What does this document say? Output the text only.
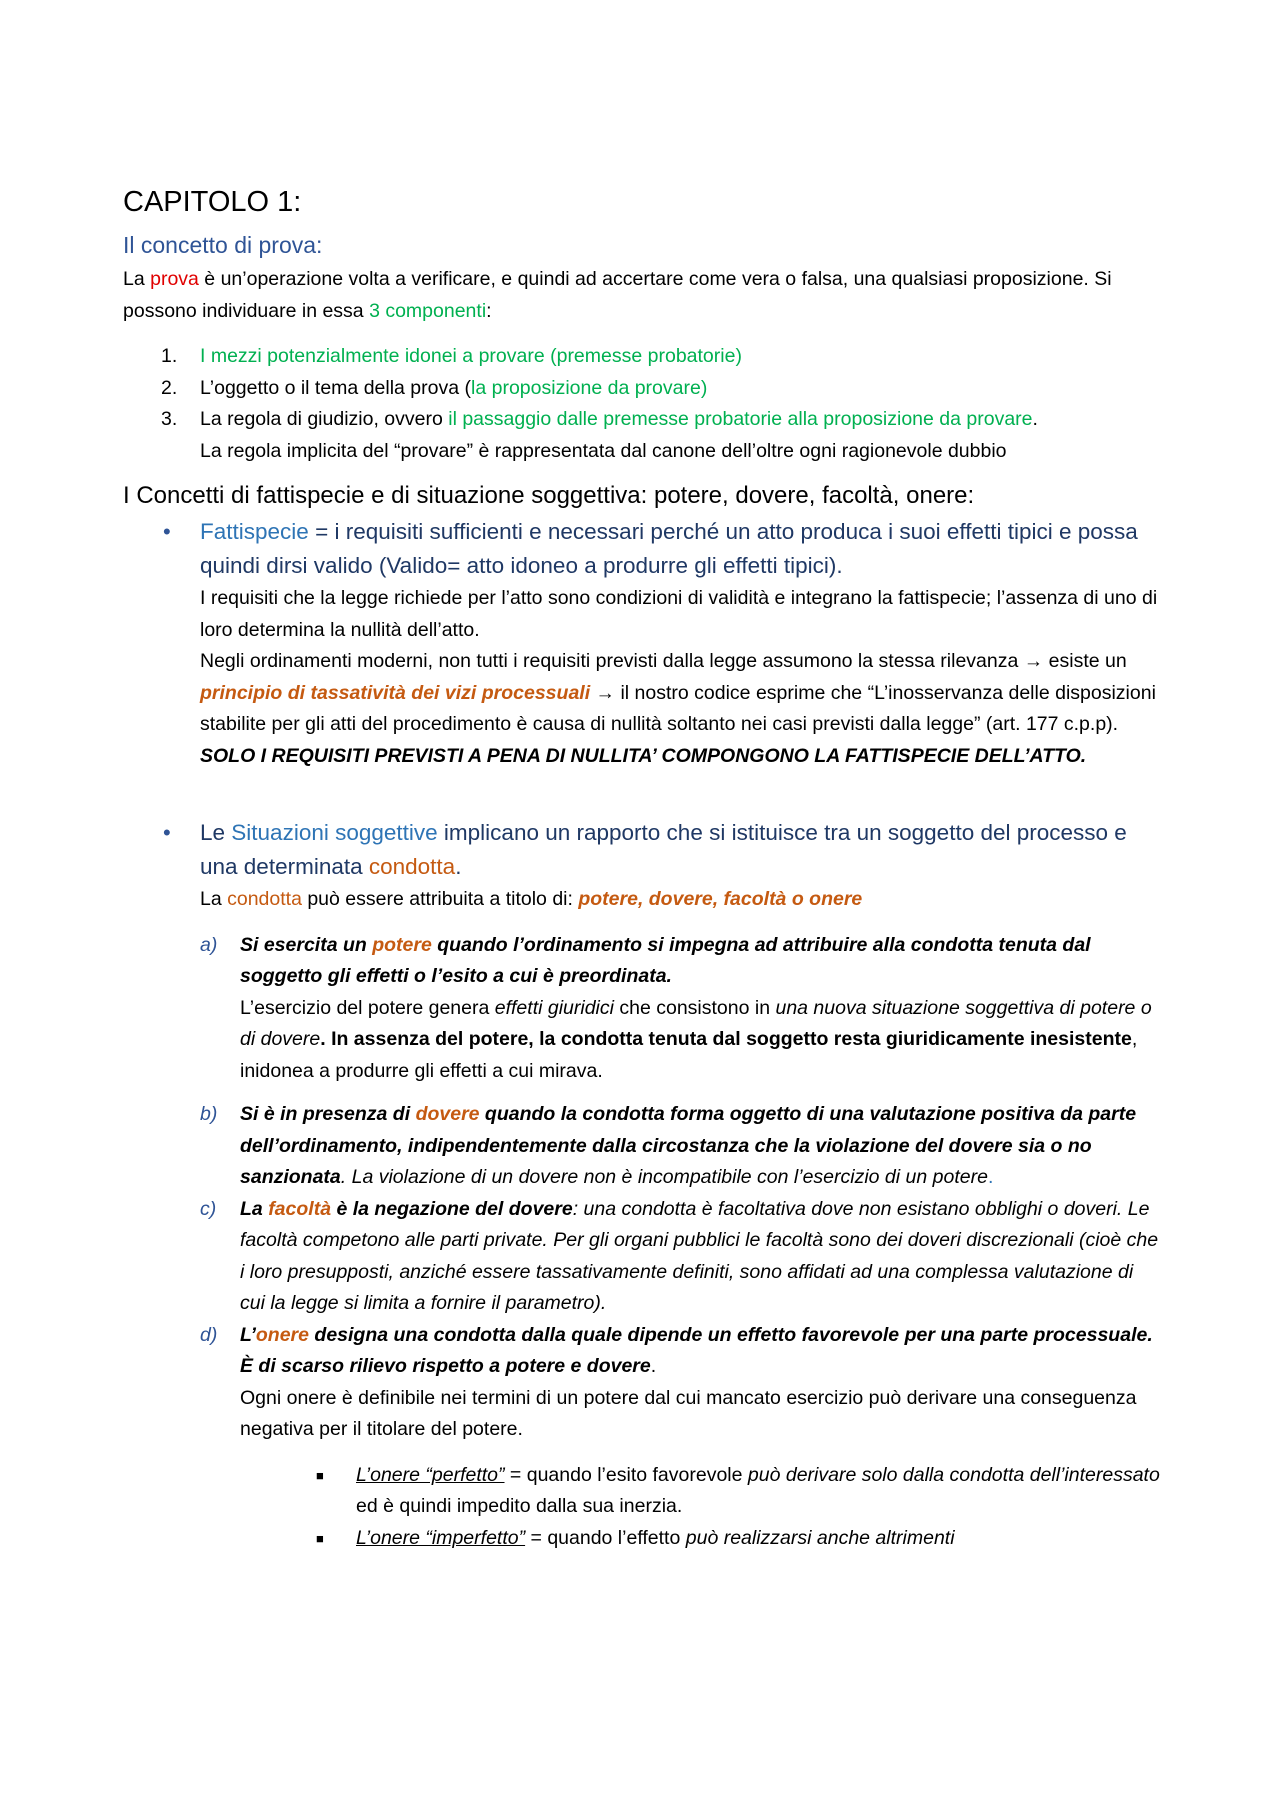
CAPITOLO 1:
Il concetto di prova:

La prova è un’operazione volta a verificare, e quindi ad accertare come vera o falsa, una qualsiasi proposizione. Si possono individuare in essa 3 componenti:

1. I mezzi potenzialmente idonei a provare (premesse probatorie)
2. L’oggetto o il tema della prova (la proposizione da provare)
3. La regola di giudizio, ovvero il passaggio dalle premesse probatorie alla proposizione da provare.
La regola implicita del “provare” è rappresentata dal canone dell’oltre ogni ragionevole dubbio
I Concetti di fattispecie e di situazione soggettiva: potere, dovere, facoltà, onere:
• Fattispecie = i requisiti sufficienti e necessari perché un atto produca i suoi effetti tipici e possa quindi dirsi valido (Valido= atto idoneo a produrre gli effetti tipici).

I requisiti che la legge richiede per l’atto sono condizioni di validità e integrano la fattispecie; l’assenza di uno di loro determina la nullità dell’atto.

Negli ordinamenti moderni, non tutti i requisiti previsti dalla legge assumono la stessa rilevanza → esiste un principio di tassatività dei vizi processuali → il nostro codice esprime che “L’inosservanza delle disposizioni stabilite per gli atti del procedimento è causa di nullità soltanto nei casi previsti dalla legge” (art. 177 c.p.p).

SOLO I REQUISITI PREVISTI A PENA DI NULLITA’ COMPONGONO LA FATTISPECIE DELL’ATTO.

• Le Situazioni soggettive implicano un rapporto che si istituisce tra un soggetto del processo e una determinata condotta.

La condotta può essere attribuita a titolo di: potere, dovere, facoltà o onere

a) Si esercita un potere quando l’ordinamento si impegna ad attribuire alla condotta tenuta dal soggetto gli effetti o l’esito a cui è preordinata.
L’esercizio del potere genera effetti giuridici che consistono in una nuova situazione soggettiva di potere o di dovere. In assenza del potere, la condotta tenuta dal soggetto resta giuridicamente inesistente, inidonea a produrre gli effetti a cui mirava.
b) Si è in presenza di dovere quando la condotta forma oggetto di una valutazione positiva da parte dell’ordinamento, indipendentemente dalla circostanza che la violazione del dovere sia o no sanzionata. La violazione di un dovere non è incompatibile con l’esercizio di un potere.
c) La facoltà è la negazione del dovere: una condotta è facoltativa dove non esistano obblighi o doveri. Le facoltà competono alle parti private. Per gli organi pubblici le facoltà sono dei doveri discrezionali (cioè che i loro presupposti, anziché essere tassativamente definiti, sono affidati ad una complessa valutazione di cui la legge si limita a fornire il parametro).
d) L’onere designa una condotta dalla quale dipende un effetto favorevole per una parte processuale. È di scarso rilievo rispetto a potere e dovere.
Ogni onere è definibile nei termini di un potere dal cui mancato esercizio può derivare una conseguenza negativa per il titolare del potere.
■ L’onere “perfetto” = quando l’esito favorevole può derivare solo dalla condotta dell’interessato ed è quindi impedito dalla sua inerzia.
■ L’onere “imperfetto” = quando l’effetto può realizzarsi anche altrimenti
